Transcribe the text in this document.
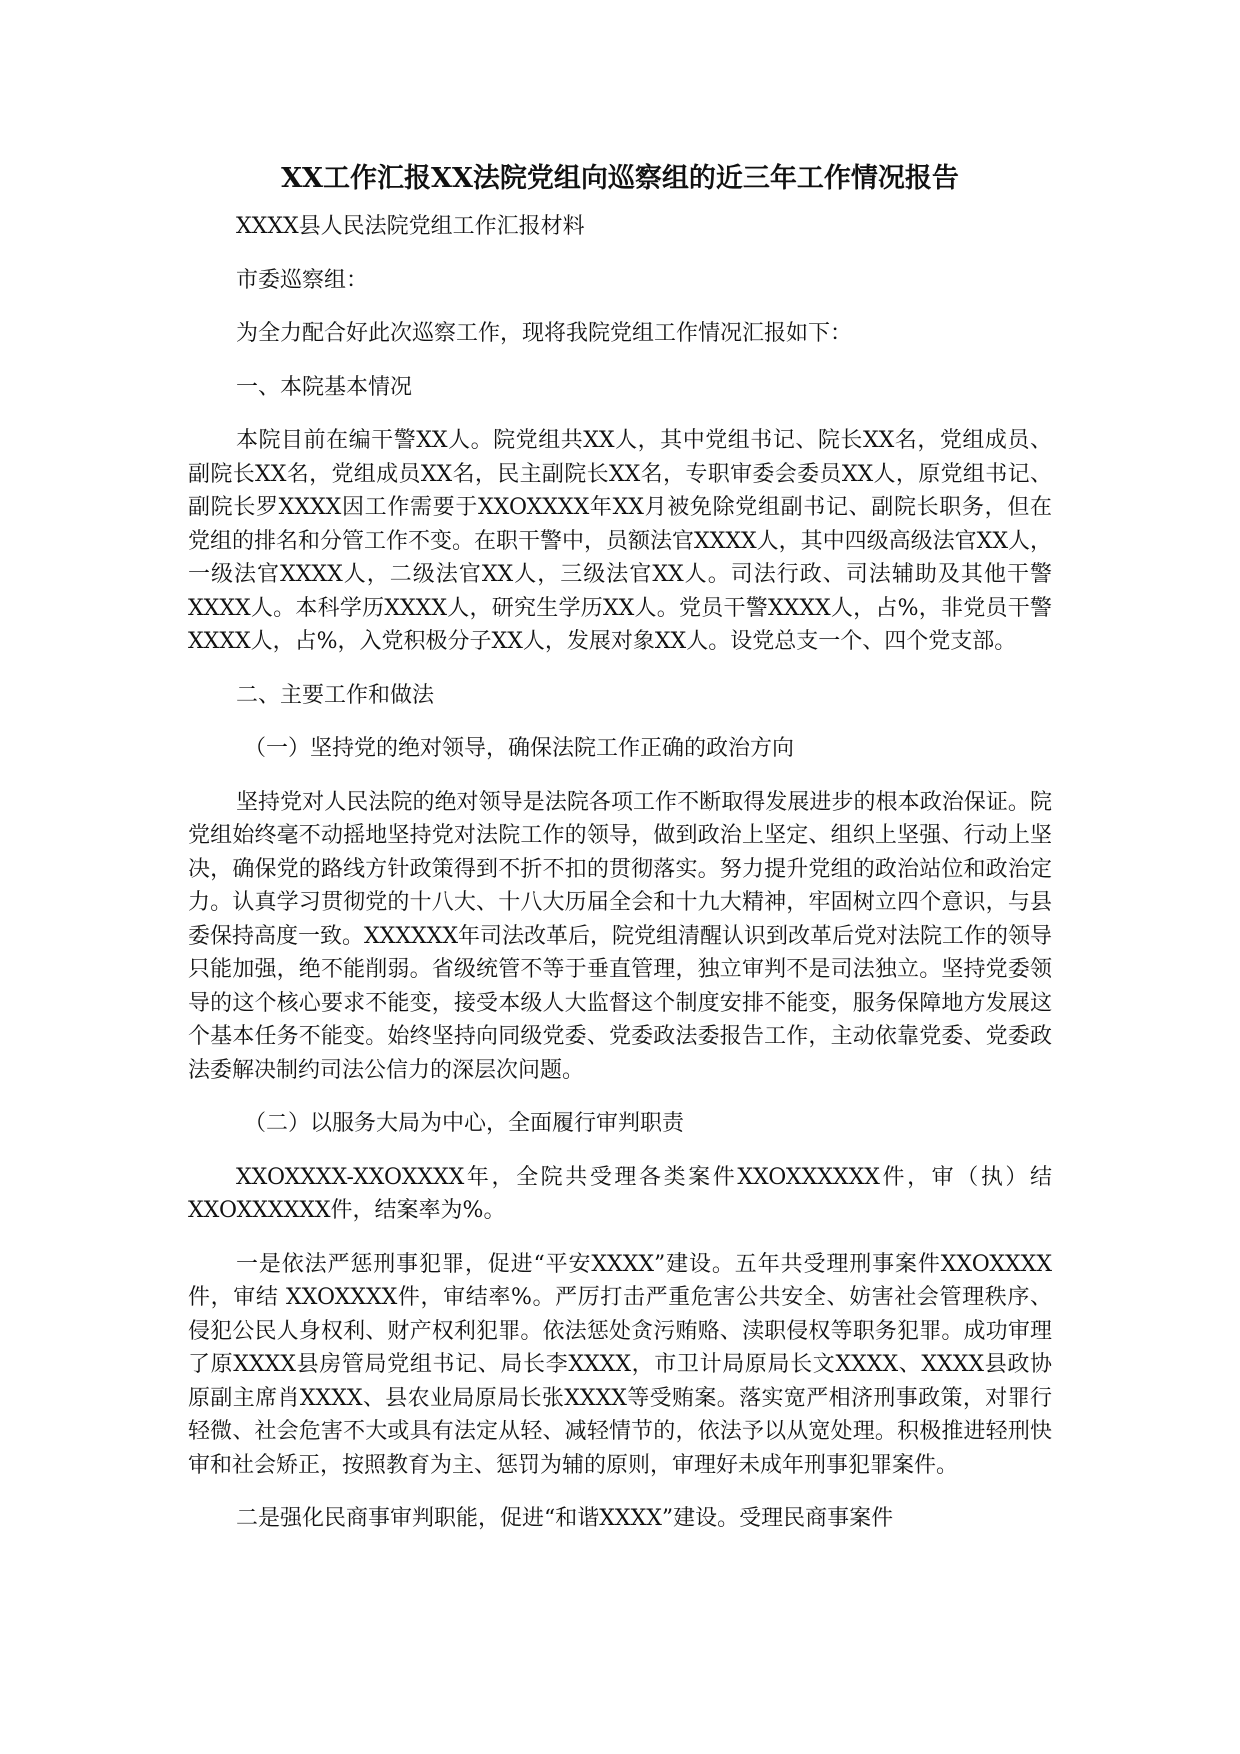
XX工作汇报XX法院党组向巡察组的近三年工作情况报告

XXXX县人民法院党组工作汇报材料

市委巡察组：

为全力配合好此次巡察工作，现将我院党组工作情况汇报如下：

一、本院基本情况

本院目前在编干警XX人。院党组共XX人，其中党组书记、院长XX名，党组成员、副院长XX名，党组成员XX名，民主副院长XX名，专职审委会委员XX人，原党组书记、副院长罗XXXX因工作需要于XXOXXXX年XX月被免除党组副书记、副院长职务，但在党组的排名和分管工作不变。在职干警中，员额法官XXXX人，其中四级高级法官XX人，一级法官XXXX人，二级法官XX人，三级法官XX人。司法行政、司法辅助及其他干警XXXX人。本科学历XXXX人，研究生学历XX人。党员干警XXXX人，占%，非党员干警XXXX人，占%，入党积极分子XX人，发展对象XX人。设党总支一个、四个党支部。

二、主要工作和做法

（一）坚持党的绝对领导，确保法院工作正确的政治方向

坚持党对人民法院的绝对领导是法院各项工作不断取得发展进步的根本政治保证。院党组始终毫不动摇地坚持党对法院工作的领导，做到政治上坚定、组织上坚强、行动上坚决，确保党的路线方针政策得到不折不扣的贯彻落实。努力提升党组的政治站位和政治定力。认真学习贯彻党的十八大、十八大历届全会和十九大精神，牢固树立四个意识，与县委保持高度一致。XXXXXX年司法改革后，院党组清醒认识到改革后党对法院工作的领导只能加强，绝不能削弱。省级统管不等于垂直管理，独立审判不是司法独立。坚持党委领导的这个核心要求不能变，接受本级人大监督这个制度安排不能变，服务保障地方发展这个基本任务不能变。始终坚持向同级党委、党委政法委报告工作，主动依靠党委、党委政法委解决制约司法公信力的深层次问题。

（二）以服务大局为中心，全面履行审判职责

XXOXXXX-XXOXXXX年，全院共受理各类案件XXOXXXXXX件，审（执）结XXOXXXXXX件，结案率为%。

一是依法严惩刑事犯罪，促进“平安XXXX”建设。五年共受理刑事案件XXOXXXX件，审结 XXOXXXX件，审结率%。严厉打击严重危害公共安全、妨害社会管理秩序、侵犯公民人身权利、财产权利犯罪。依法惩处贪污贿赂、渎职侵权等职务犯罪。成功审理了原XXXX县房管局党组书记、局长李XXXX，市卫计局原局长文XXXX、XXXX县政协原副主席肖XXXX、县农业局原局长张XXXX等受贿案。落实宽严相济刑事政策，对罪行轻微、社会危害不大或具有法定从轻、减轻情节的，依法予以从宽处理。积极推进轻刑快审和社会矫正，按照教育为主、惩罚为辅的原则，审理好未成年刑事犯罪案件。

二是强化民商事审判职能，促进“和谐XXXX”建设。受理民商事案件
